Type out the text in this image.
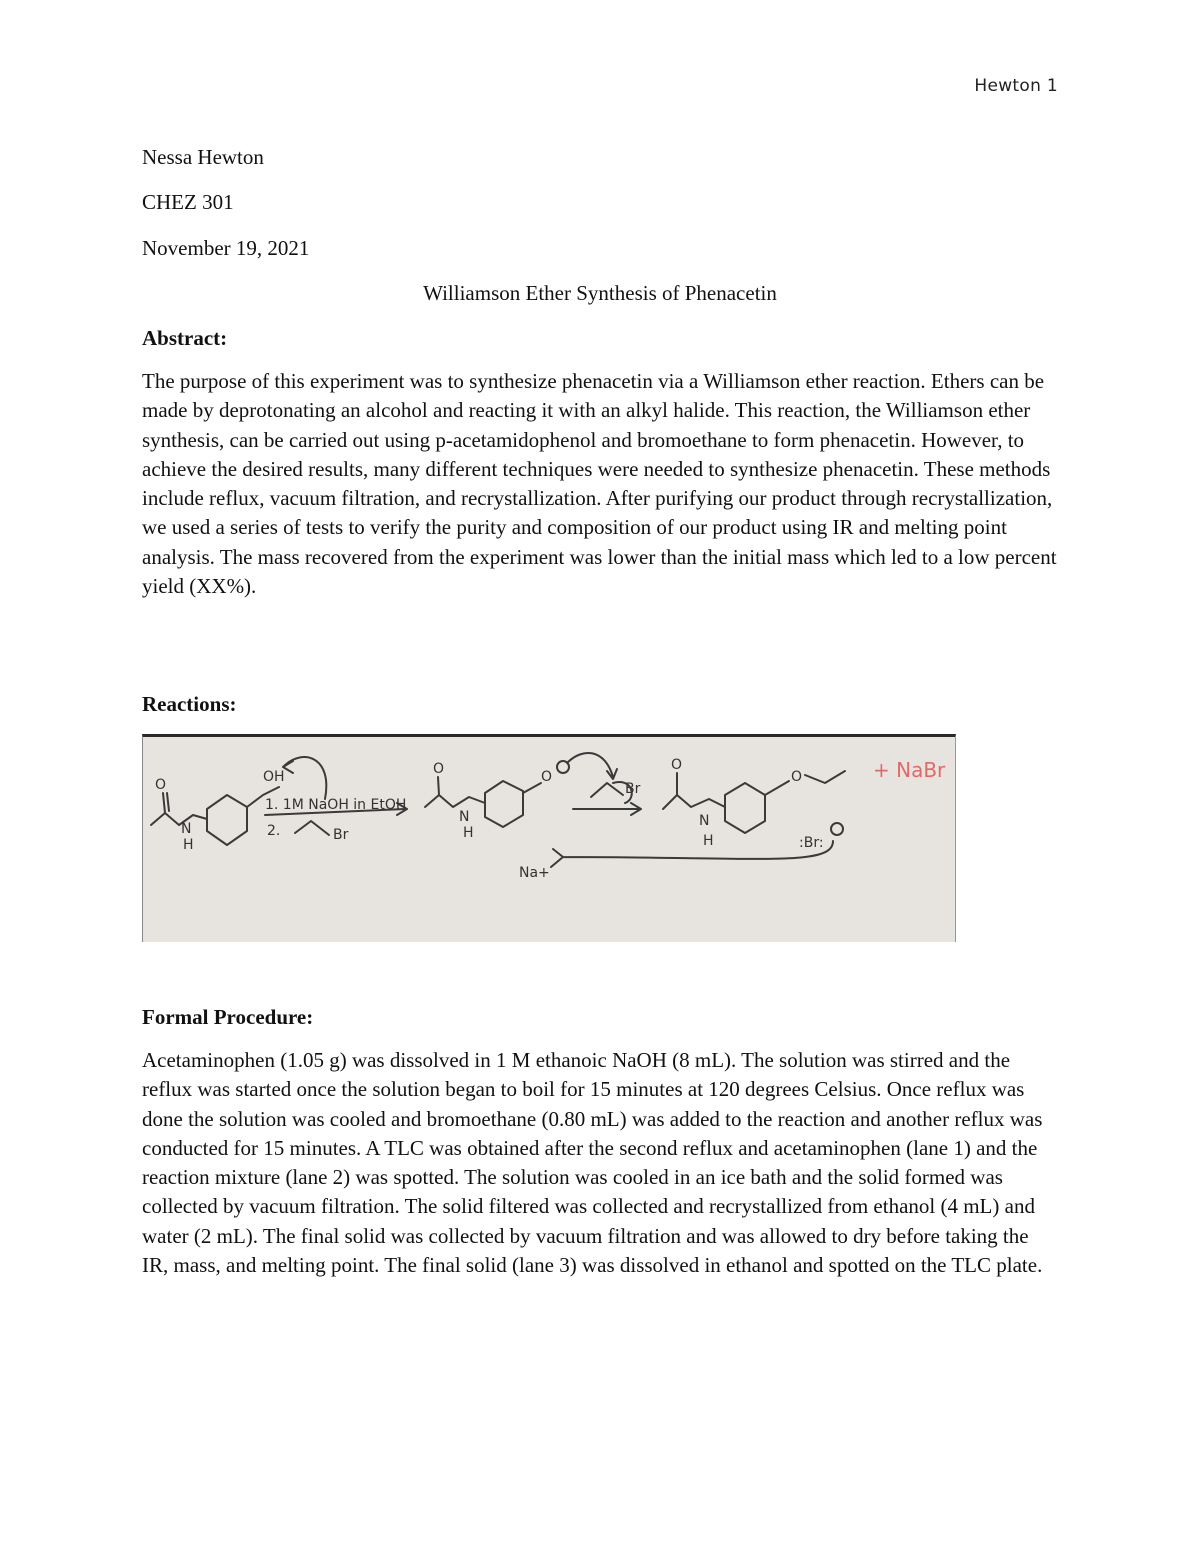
Hewton 1
Nessa Hewton
CHEZ 301
November 19, 2021
Williamson Ether Synthesis of Phenacetin
Abstract:
The purpose of this experiment was to synthesize phenacetin via a Williamson ether reaction. Ethers can be made by deprotonating an alcohol and reacting it with an alkyl halide. This reaction, the Williamson ether synthesis, can be carried out using p-acetamidophenol and bromoethane to form phenacetin. However, to achieve the desired results, many different techniques were needed to synthesize phenacetin. These methods include reflux, vacuum filtration, and recrystallization. After purifying our product through recrystallization, we used a series of tests to verify the purity and composition of our product using IR and melting point analysis. The mass recovered from the experiment was lower than the initial mass which led to a low percent yield (XX%).
Reactions:
O
N
H
OH
1. 1M NaOH in EtOH
2.	Br
O
N
H
O
Na+
Br
O
N
H
O
:Br:
+ NaBr
Formal Procedure:
Acetaminophen (1.05 g) was dissolved in 1 M ethanoic NaOH (8 mL). The solution was stirred and the reflux was started once the solution began to boil for 15 minutes at 120 degrees Celsius. Once reflux was done the solution was cooled and bromoethane (0.80 mL) was added to the reaction and another reflux was conducted for 15 minutes. A TLC was obtained after the second reflux and acetaminophen (lane 1) and the reaction mixture (lane 2) was spotted. The solution was cooled in an ice bath and the solid formed was collected by vacuum filtration. The solid filtered was collected and recrystallized from ethanol (4 mL) and water (2 mL). The final solid was collected by vacuum filtration and was allowed to dry before taking the IR, mass, and melting point. The final solid (lane 3) was dissolved in ethanol and spotted on the TLC plate.
